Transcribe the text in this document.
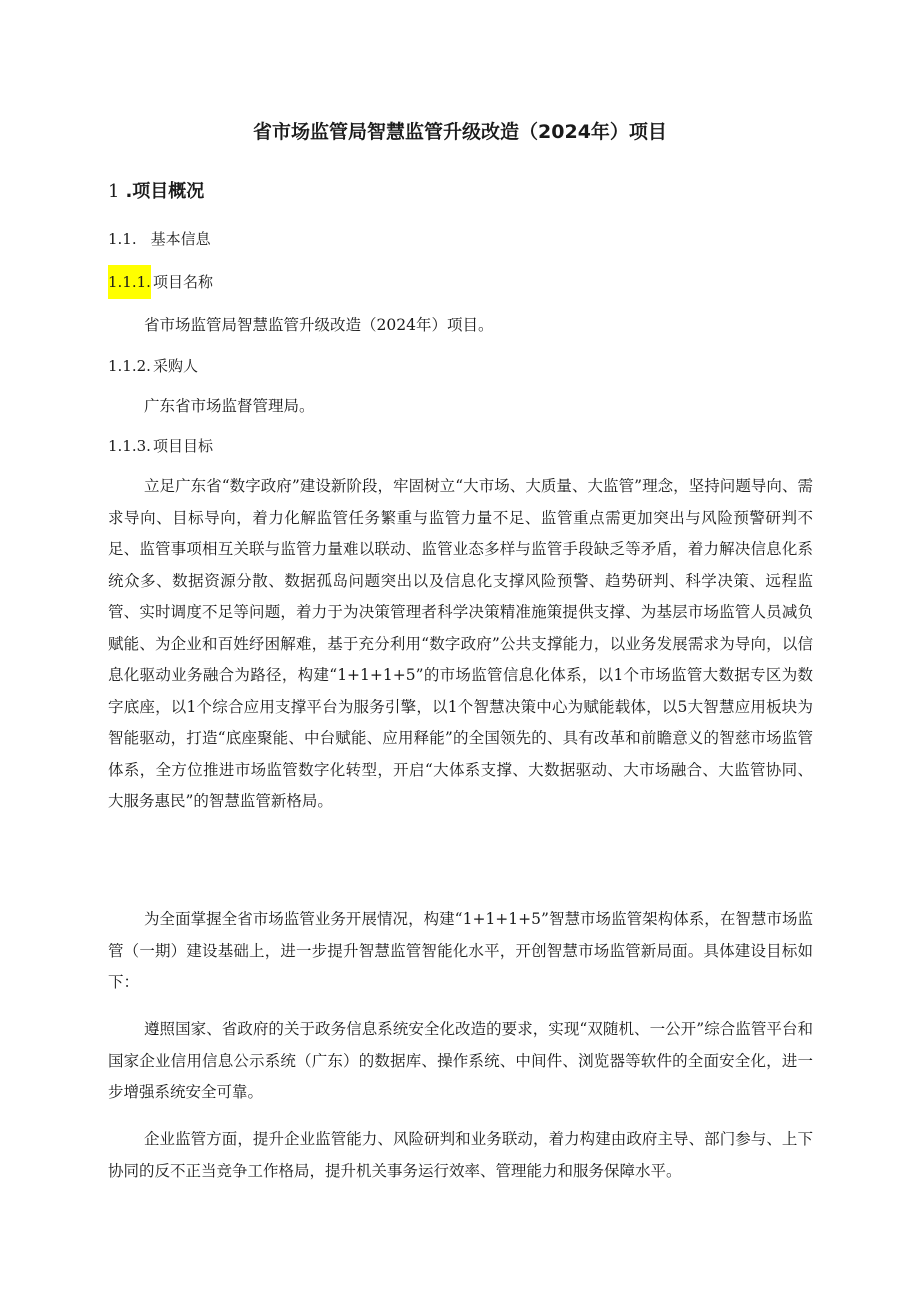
省市场监管局智慧监管升级改造（2024年）项目
1 .项目概况
1.1. 基本信息
1.1.1. 项目名称

省市场监管局智慧监管升级改造（2024年）项目。

1.1.2. 采购人

广东省市场监督管理局。

1.1.3. 项目目标

立足广东省“数字政府”建设新阶段，牢固树立“大市场、大质量、大监管”理念，坚持问题导向、需求导向、目标导向，着力化解监管任务繁重与监管力量不足、监管重点需更加突出与风险预警研判不足、监管事项相互关联与监管力量难以联动、监管业态多样与监管手段缺乏等矛盾，着力解决信息化系统众多、数据资源分散、数据孤岛问题突出以及信息化支撑风险预警、趋势研判、科学决策、远程监管、实时调度不足等问题，着力于为决策管理者科学决策精准施策提供支撑、为基层市场监管人员减负赋能、为企业和百姓纾困解难，基于充分利用“数字政府”公共支撑能力，以业务发展需求为导向，以信息化驱动业务融合为路径，构建“1+1+1+5”的市场监管信息化体系，以1个市场监管大数据专区为数字底座，以1个综合应用支撑平台为服务引擎，以1个智慧决策中心为赋能载体，以5大智慧应用板块为智能驱动，打造“底座聚能、中台赋能、应用释能”的全国领先的、具有改革和前瞻意义的智慈市场监管体系，全方位推进市场监管数字化转型，开启“大体系支撑、大数据驱动、大市场融合、大监管协同、大服务惠民”的智慧监管新格局。

为全面掌握全省市场监管业务开展情况，构建“1+1+1+5”智慧市场监管架构体系，在智慧市场监管（一期）建设基础上，进一步提升智慧监管智能化水平，开创智慧市场监管新局面。具体建设目标如下：

遵照国家、省政府的关于政务信息系统安全化改造的要求，实现“双随机、一公开”综合监管平台和国家企业信用信息公示系统（广东）的数据库、操作系统、中间件、浏览器等软件的全面安全化，进一步增强系统安全可靠。

企业监管方面，提升企业监管能力、风险研判和业务联动，着力构建由政府主导、部门参与、上下协同的反不正当竞争工作格局，提升机关事务运行效率、管理能力和服务保障水平。
